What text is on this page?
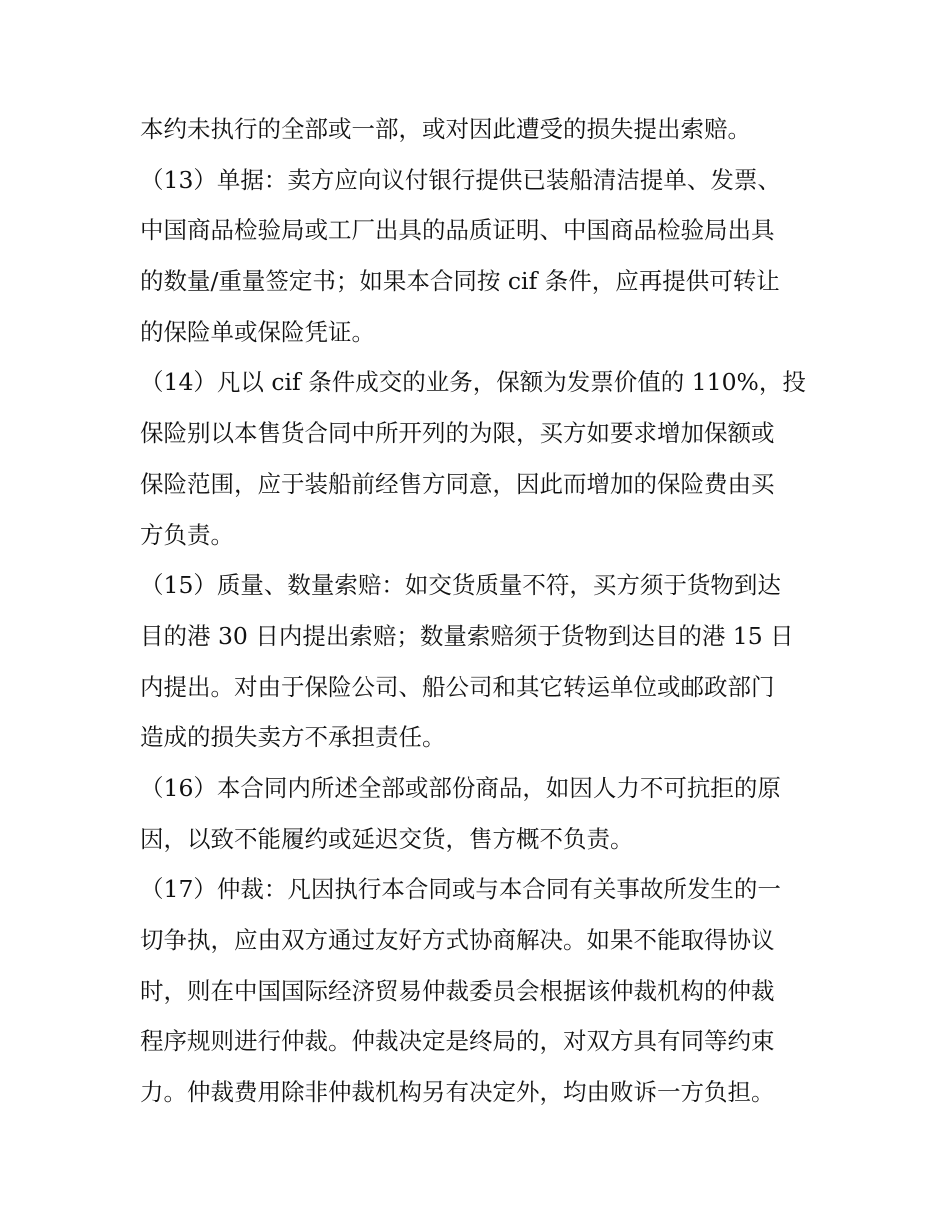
本约未执行的全部或一部，或对因此遭受的损失提出索赔。
（13）单据：卖方应向议付银行提供已装船清洁提单、发票、
中国商品检验局或工厂出具的品质证明、中国商品检验局出具
的数量/重量签定书；如果本合同按 cif 条件，应再提供可转让
的保险单或保险凭证。
（14）凡以 cif 条件成交的业务，保额为发票价值的 110%，投
保险别以本售货合同中所开列的为限，买方如要求增加保额或
保险范围，应于装船前经售方同意，因此而增加的保险费由买
方负责。
（15）质量、数量索赔：如交货质量不符，买方须于货物到达
目的港 30 日内提出索赔；数量索赔须于货物到达目的港 15 日
内提出。对由于保险公司、船公司和其它转运单位或邮政部门
造成的损失卖方不承担责任。
（16）本合同内所述全部或部份商品，如因人力不可抗拒的原
因，以致不能履约或延迟交货，售方概不负责。
（17）仲裁：凡因执行本合同或与本合同有关事故所发生的一
切争执，应由双方通过友好方式协商解决。如果不能取得协议
时，则在中国国际经济贸易仲裁委员会根据该仲裁机构的仲裁
程序规则进行仲裁。仲裁决定是终局的，对双方具有同等约束
力。仲裁费用除非仲裁机构另有决定外，均由败诉一方负担。
